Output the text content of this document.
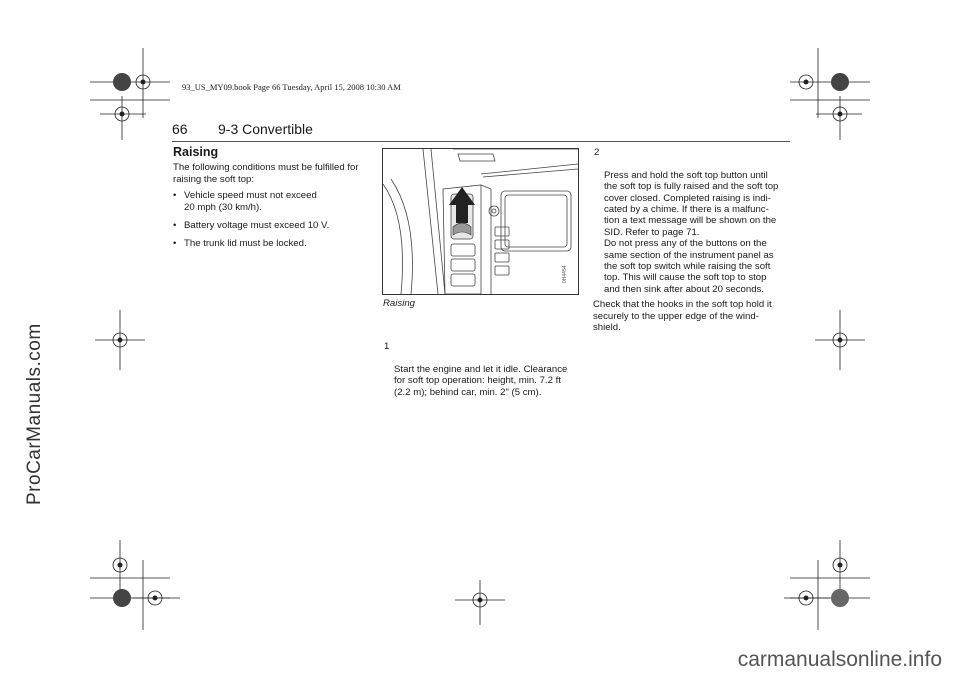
ProCarManuals.com
carmanualsonline.info
93_US_MY09.book Page 66 Tuesday, April 15, 2008 10:30 AM
66 9-3 Convertible
Raising
The following conditions must be fulfilled for raising the soft top:
• Vehicle speed must not exceed
20 mph (30 km/h).
• Battery voltage must exceed 10 V.
• The trunk lid must be locked.
0H4454
Raising

1

Start the engine and let it idle. Clearance
for soft top operation: height, min. 7.2 ft
(2.2 m); behind car, min. 2" (5 cm).

2

Press and hold the soft top button until
the soft top is fully raised and the soft top
cover closed. Completed raising is indi-
cated by a chime. If there is a malfunc-
tion a text message will be shown on the
SID. Refer to page 71.
Do not press any of the buttons on the
same section of the instrument panel as
the soft top switch while raising the soft
top. This will cause the soft top to stop
and then sink after about 20 seconds.

Check that the hooks in the soft top hold it
securely to the upper edge of the wind-
shield.
